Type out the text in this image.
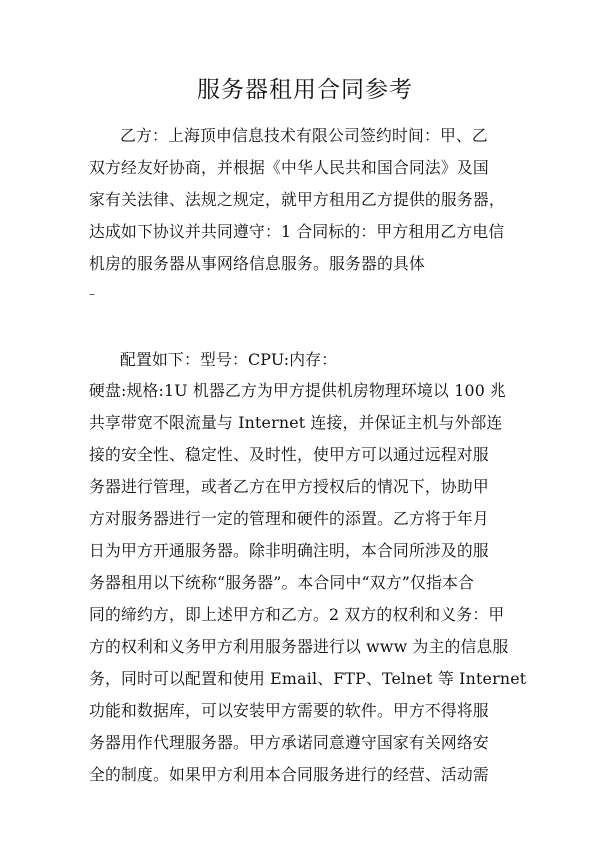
服务器租用合同参考
乙方：上海顶申信息技术有限公司签约时间：甲、乙
双方经友好协商，并根据《中华人民共和国合同法》及国
家有关法律、法规之规定，就甲方租用乙方提供的服务器，
达成如下协议并共同遵守：1 合同标的：甲方租用乙方电信
机房的服务器从事网络信息服务。服务器的具体
–
配置如下：型号：CPU:内存：
硬盘:规格:1U 机器乙方为甲方提供机房物理环境以 100 兆
共享带宽不限流量与 Internet 连接，并保证主机与外部连
接的安全性、稳定性、及时性，使甲方可以通过远程对服
务器进行管理，或者乙方在甲方授权后的情况下，协助甲
方对服务器进行一定的管理和硬件的添置。乙方将于年月
日为甲方开通服务器。除非明确注明，本合同所涉及的服
务器租用以下统称“服务器”。本合同中“双方”仅指本合
同的缔约方，即上述甲方和乙方。2 双方的权利和义务：甲
方的权利和义务甲方利用服务器进行以 www 为主的信息服
务，同时可以配置和使用 Email、FTP、Telnet 等 Internet
功能和数据库，可以安装甲方需要的软件。甲方不得将服
务器用作代理服务器。甲方承诺同意遵守国家有关网络安
全的制度。如果甲方利用本合同服务进行的经营、活动需
